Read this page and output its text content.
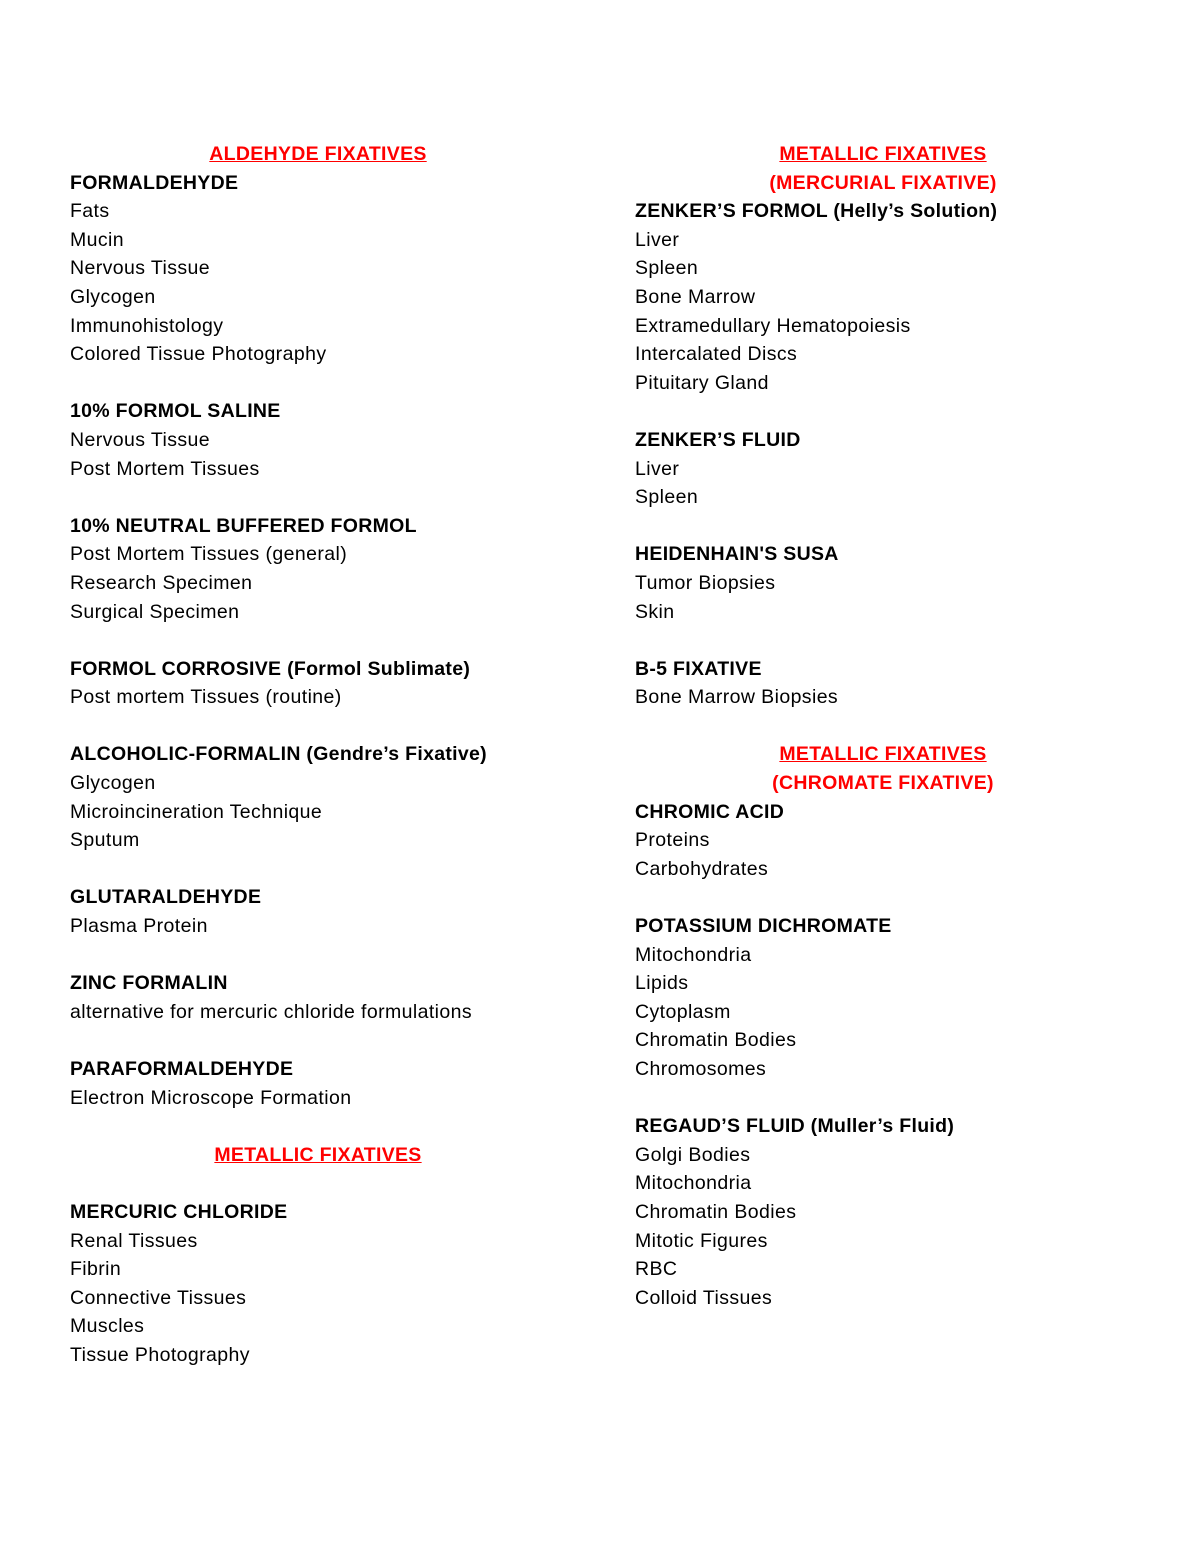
ALDEHYDE FIXATIVES
FORMALDEHYDE
Fats
Mucin
Nervous Tissue
Glycogen
Immunohistology
Colored Tissue Photography
10% FORMOL SALINE
Nervous Tissue
Post Mortem Tissues
10% NEUTRAL BUFFERED FORMOL
Post Mortem Tissues (general)
Research Specimen
Surgical Specimen
FORMOL CORROSIVE (Formol Sublimate)
Post mortem Tissues (routine)
ALCOHOLIC-FORMALIN (Gendre’s Fixative)
Glycogen
Microincineration Technique
Sputum
GLUTARALDEHYDE
Plasma Protein
ZINC FORMALIN
alternative for mercuric chloride formulations
PARAFORMALDEHYDE
Electron Microscope Formation
METALLIC FIXATIVES
MERCURIC CHLORIDE
Renal Tissues
Fibrin
Connective Tissues
Muscles
Tissue Photography
METALLIC FIXATIVES
(MERCURIAL FIXATIVE)
ZENKER’S FORMOL (Helly’s Solution)
Liver
Spleen
Bone Marrow
Extramedullary Hematopoiesis
Intercalated Discs
Pituitary Gland
ZENKER’S FLUID
Liver
Spleen
HEIDENHAIN'S SUSA
Tumor Biopsies
Skin
B-5 FIXATIVE
Bone Marrow Biopsies
METALLIC FIXATIVES
(CHROMATE FIXATIVE)
CHROMIC ACID
Proteins
Carbohydrates
POTASSIUM DICHROMATE
Mitochondria
Lipids
Cytoplasm
Chromatin Bodies
Chromosomes
REGAUD’S FLUID (Muller’s Fluid)
Golgi Bodies
Mitochondria
Chromatin Bodies
Mitotic Figures
RBC
Colloid Tissues
